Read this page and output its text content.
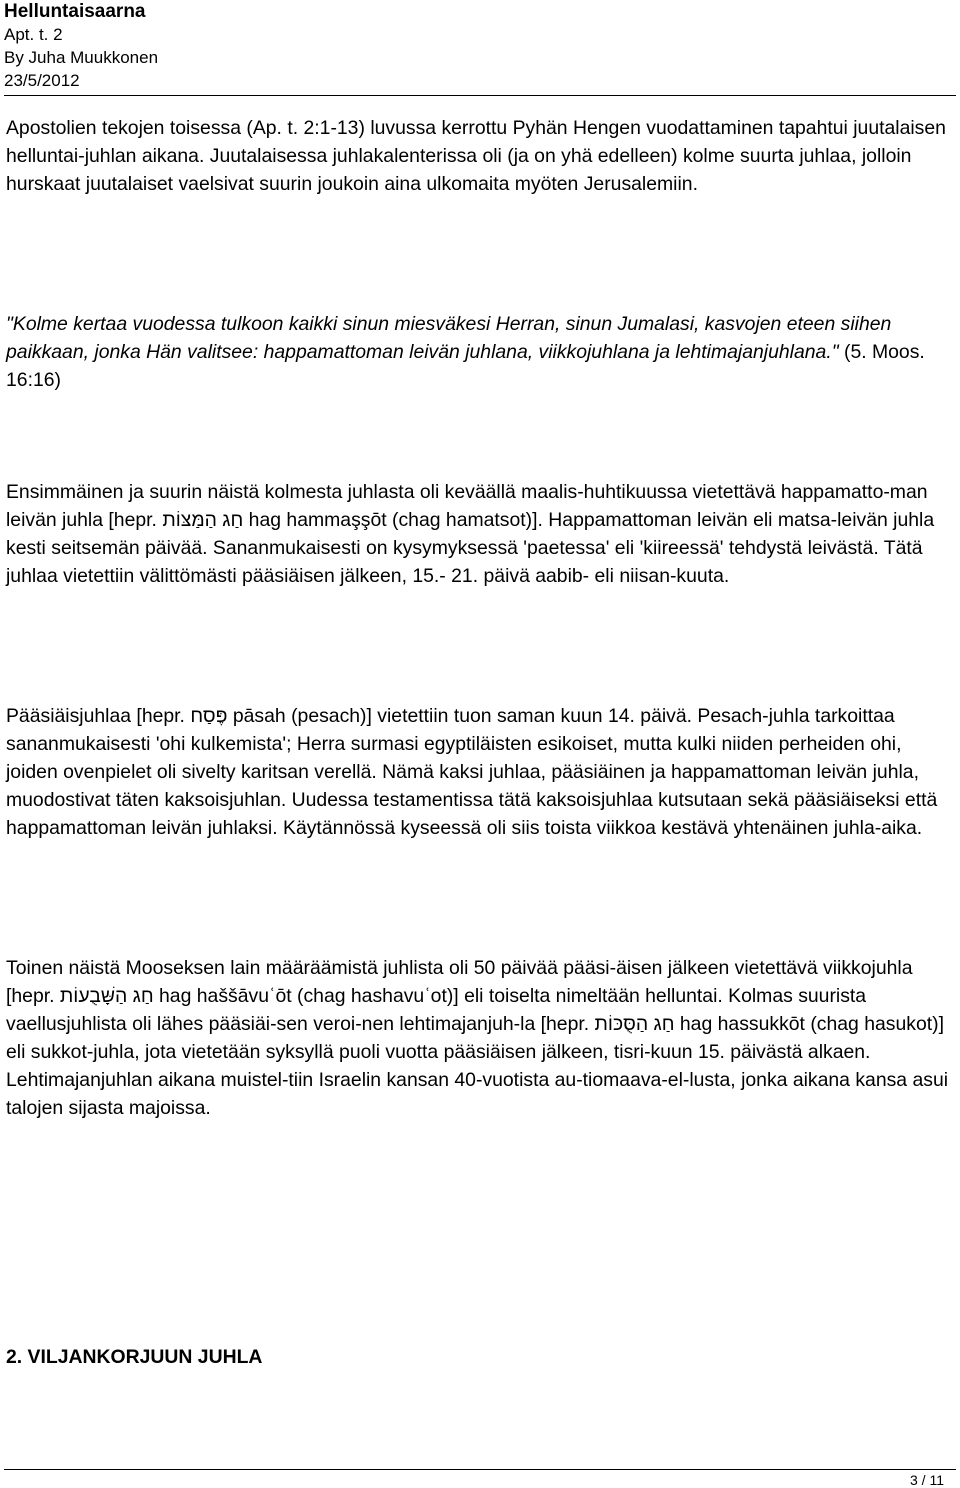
Helluntaisaarna
Apt. t. 2
By Juha Muukkonen
23/5/2012

Apostolien tekojen toisessa (Ap. t. 2:1-13) luvussa kerrottu Pyhän Hengen vuodattaminen tapahtui juutalaisen helluntai-juhlan aikana. Juutalaisessa juhlakalenterissa oli (ja on yhä edelleen) kolme suurta juhlaa, jolloin hurskaat juutalaiset vaelsivat suurin joukoin aina ulkomaita myöten Jerusalemiin.

"Kolme kertaa vuodessa tulkoon kaikki sinun miesväkesi Herran, sinun Jumalasi, kasvojen eteen siihen paikkaan, jonka Hän valitsee: happamattoman leivän juhlana, viikkojuhlana ja lehtimajanjuhlana." (5. Moos. 16:16)

Ensimmäinen ja suurin näistä kolmesta juhlasta oli keväällä maalis-huhtikuussa vietettävä happamatto-man leivän juhla [hepr. חַג הַמַּצּוֹת hag hammaşşōt (chag hamatsot)]. Happamattoman leivän eli matsa-leivän juhla kesti seitsemän päivää. Sananmukaisesti on kysymyksessä 'paetessa' eli 'kiireessä' tehdystä leivästä. Tätä juhlaa vietettiin välittömästi pääsiäisen jälkeen, 15.- 21. päivä aabib- eli niisan-kuuta.

Pääsiäisjuhlaa [hepr. פֶּסַח pāsah (pesach)] vietettiin tuon saman kuun 14. päivä. Pesach-juhla tarkoittaa sananmukaisesti 'ohi kulkemista'; Herra surmasi egyptiläisten esikoiset, mutta kulki niiden perheiden ohi, joiden ovenpielet oli sivelty karitsan verellä. Nämä kaksi juhlaa, pääsiäinen ja happamattoman leivän juhla, muodostivat täten kaksoisjuhlan. Uudessa testamentissa tätä kaksoisjuhlaa kutsutaan sekä pääsiäiseksi että happamattoman leivän juhlaksi. Käytännössä kyseessä oli siis toista viikkoa kestävä yhtenäinen juhla-aika.

Toinen näistä Mooseksen lain määräämistä juhlista oli 50 päivää pääsi-äisen jälkeen vietettävä viikkojuhla [hepr. חַג הַשָּׁבֻעוֹת hag haššāvuʿōt (chag hashavuʿot)] eli toiselta nimeltään helluntai. Kolmas suurista vaellusjuhlista oli lähes pääsiäi-sen veroi-nen lehtimajanjuh-la [hepr. חַג הַסֻּכּוֹת hag hassukkōt (chag hasukot)] eli sukkot-juhla, jota vietetään syksyllä puoli vuotta pääsiäisen jälkeen, tisri-kuun 15. päivästä alkaen. Lehtimajanjuhlan aikana muistel-tiin Israelin kansan 40-vuotista au-tiomaava-el-lusta, jonka aikana kansa asui talojen sijasta majoissa.

2. VILJANKORJUUN JUHLA
3 / 11
